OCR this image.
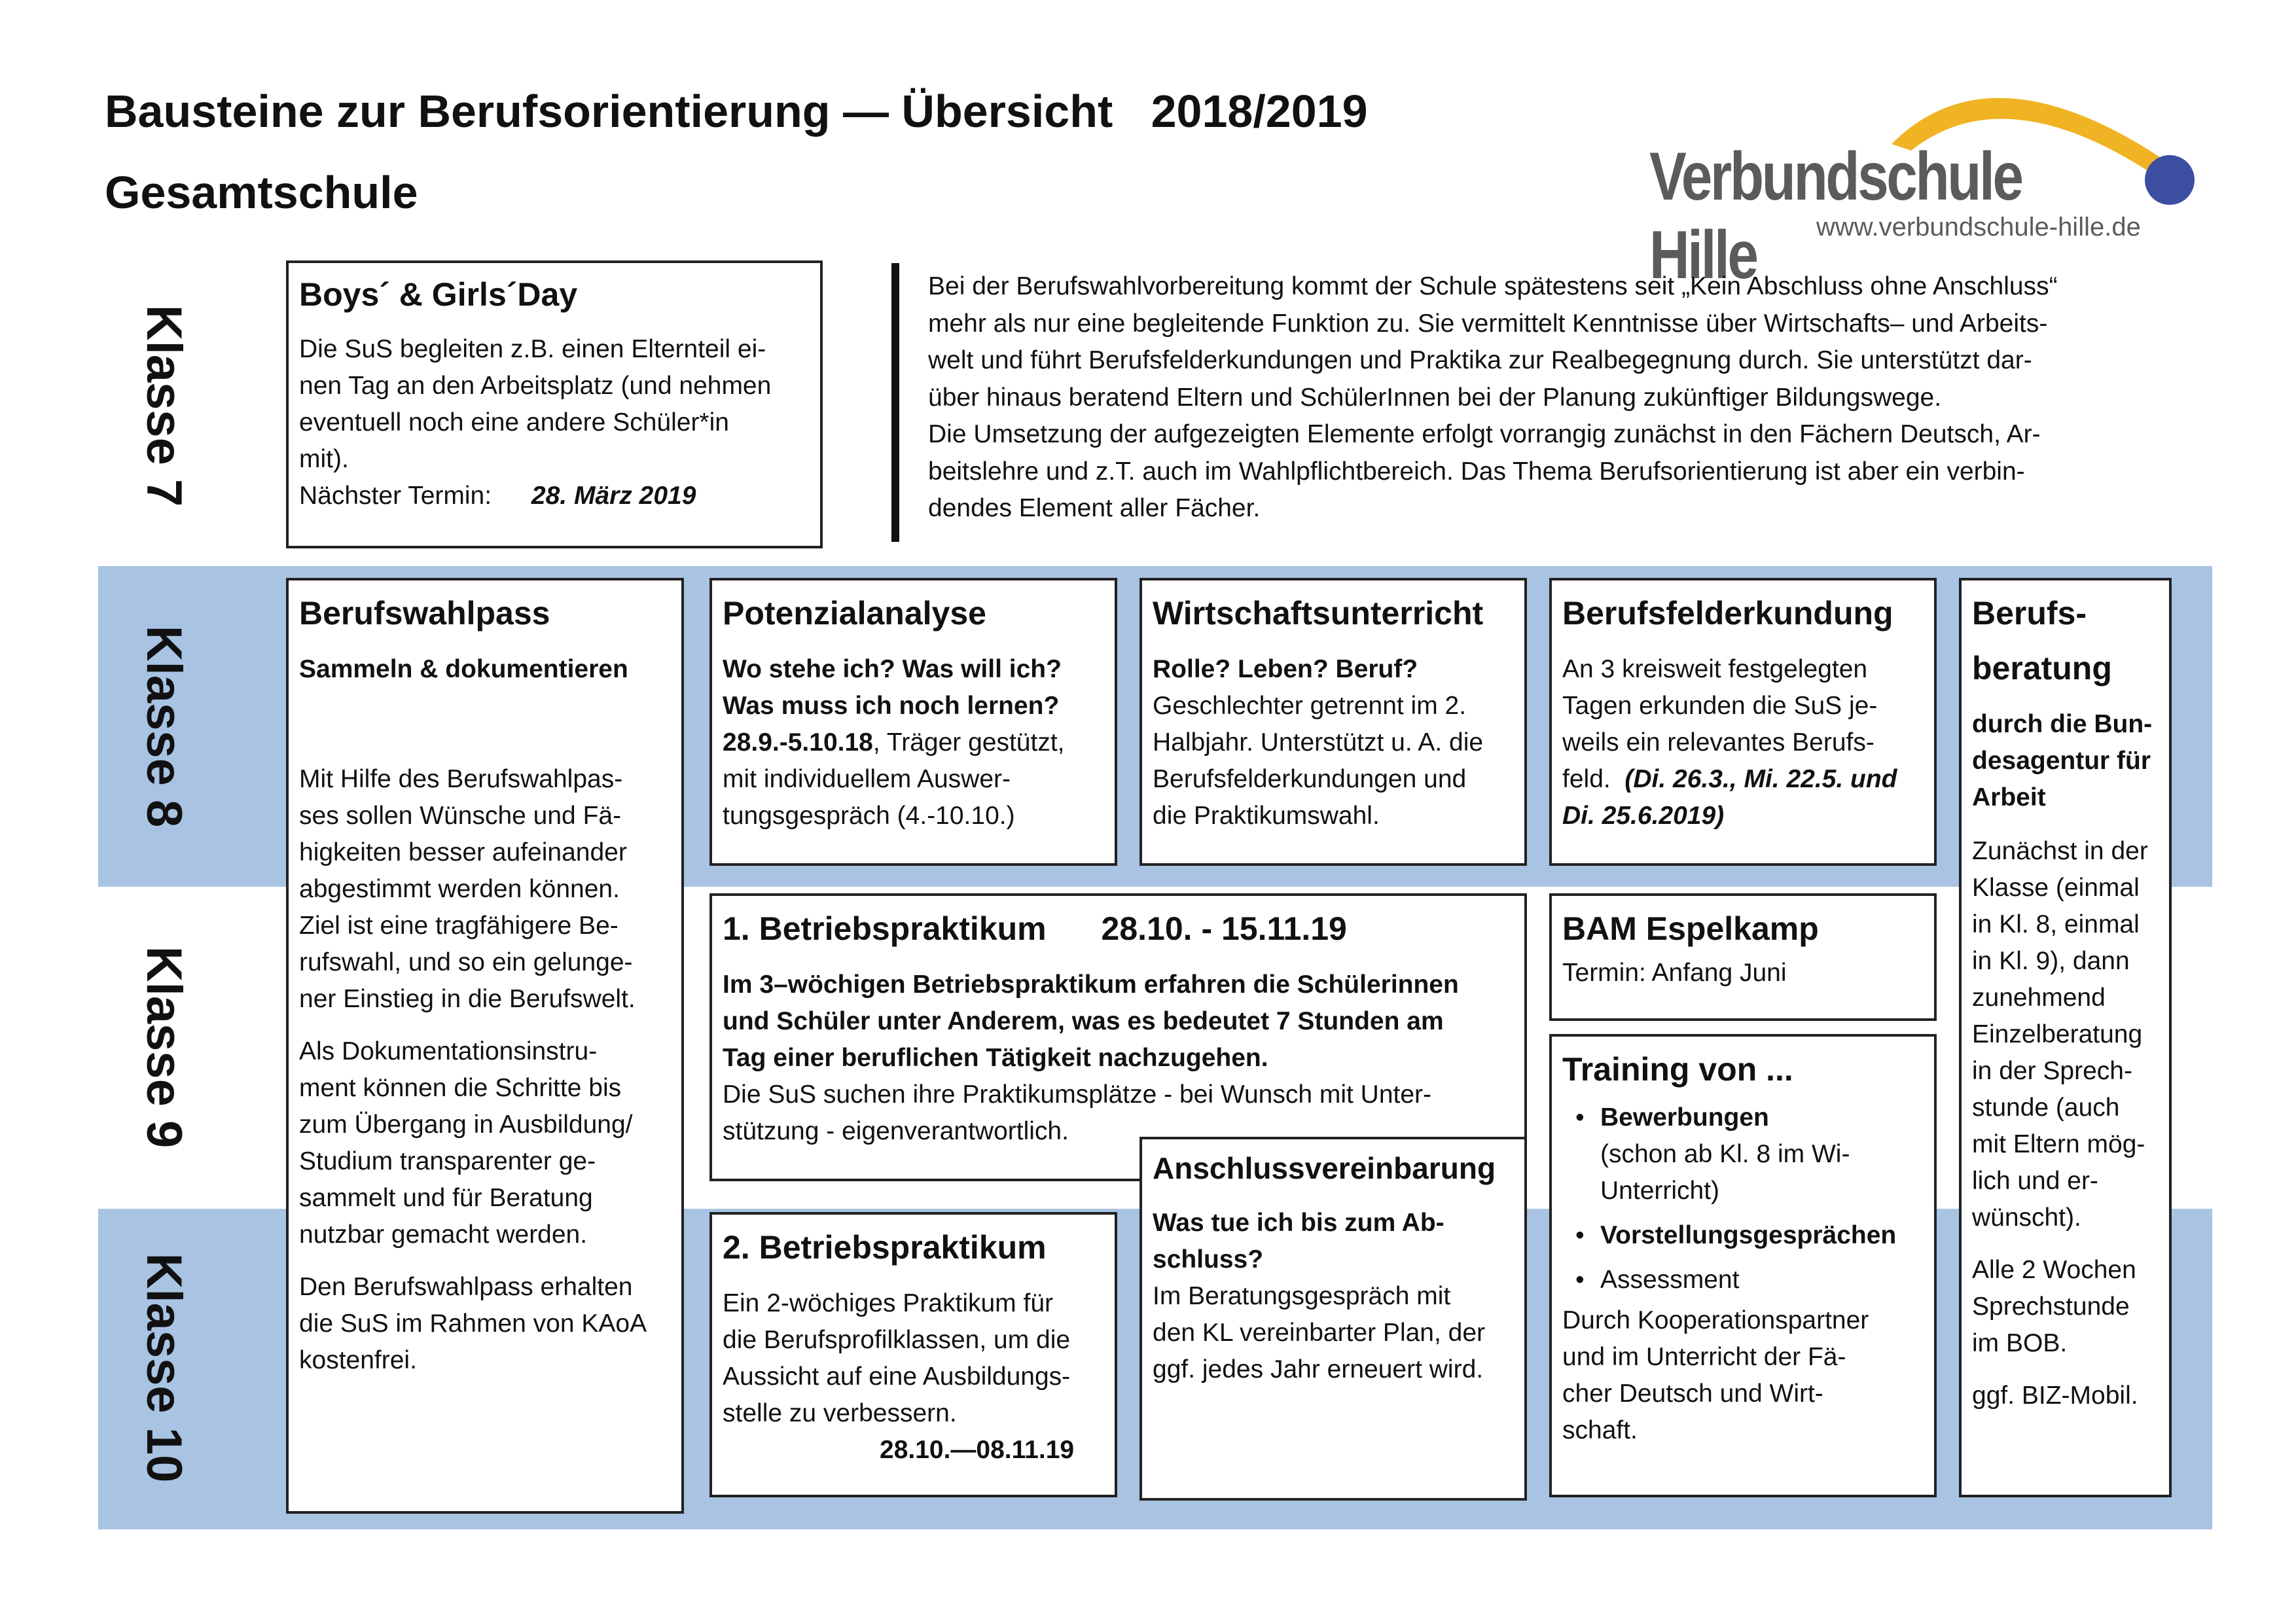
Bausteine zur Berufsorientierung — Übersicht   2018/2019
Gesamtschule	Verbundschule Hille	www.verbundschule-hille.de
Klasse 7
Klasse 8
Klasse 9
Klasse 10
Boys´ & Girls´Day

Die SuS begleiten z.B. einen Elternteil ei-

nen Tag an den Arbeitsplatz (und nehmen

eventuell noch eine andere Schüler*in

mit).

Nächster Termin: 28. März 2019

Bei der Berufswahlvorbereitung kommt der Schule spätestens seit „Kein Abschluss ohne Anschluss“

mehr als nur eine begleitende Funktion zu. Sie vermittelt Kenntnisse über Wirtschafts– und Arbeits-

welt und führt Berufsfelderkundungen und Praktika zur Realbegegnung durch. Sie unterstützt dar-

über hinaus beratend Eltern und SchülerInnen bei der Planung zukünftiger Bildungswege.

Die Umsetzung der aufgezeigten Elemente erfolgt vorrangig zunächst in den Fächern Deutsch, Ar-

beitslehre und z.T. auch im Wahlpflichtbereich. Das Thema Berufsorientierung ist aber ein verbin-

dendes Element aller Fächer.

Berufswahlpass

Sammeln & dokumentieren

Mit Hilfe des Berufswahlpas-

ses sollen Wünsche und Fä-

higkeiten besser aufeinander

abgestimmt werden können.

Ziel ist eine tragfähigere Be-

rufswahl, und so ein gelunge-

ner Einstieg in die Berufswelt.

Als Dokumentationsinstru-

ment können die Schritte bis

zum Übergang in Ausbildung/

Studium transparenter ge-

sammelt und für Beratung

nutzbar gemacht werden.

Den Berufswahlpass erhalten

die SuS im Rahmen von KAoA

kostenfrei.

Potenzialanalyse

Wo stehe ich? Was will ich?

Was muss ich noch lernen?

28.9.-5.10.18, Träger gestützt,

mit individuellem Auswer-

tungsgespräch (4.-10.10.)

Wirtschaftsunterricht

Rolle? Leben? Beruf?

Geschlechter getrennt im 2.

Halbjahr. Unterstützt u. A. die

Berufsfelderkundungen und

die Praktikumswahl.

Berufsfelderkundung

An 3 kreisweit festgelegten

Tagen erkunden die SuS je-

weils ein relevantes Berufs-

feld.  (Di. 26.3., Mi. 22.5. und

Di. 25.6.2019)

Berufs-
beratung

durch die Bun-

desagentur für

Arbeit

Zunächst in der

Klasse (einmal

in Kl. 8, einmal

in Kl. 9), dann

zunehmend

Einzelberatung

in der Sprech-

stunde (auch

mit Eltern mög-

lich und er-

wünscht).

Alle 2 Wochen

Sprechstunde

im BOB.

ggf. BIZ-Mobil.

1. Betriebspraktikum 28.10. - 15.11.19

Im 3–wöchigen Betriebspraktikum erfahren die Schülerinnen

und Schüler unter Anderem, was es bedeutet 7 Stunden am

Tag einer beruflichen Tätigkeit nachzugehen.

Die SuS suchen ihre Praktikumsplätze - bei Wunsch mit Unter-

stützung - eigenverantwortlich.

BAM Espelkamp

Termin: Anfang Juni

Training von ...
• Bewerbungen
(schon ab Kl. 8 im Wi-
Unterricht)
• Vorstellungsgesprächen
• Assessment

Durch Kooperationspartner

und im Unterricht der Fä-

cher Deutsch und Wirt-

schaft.

2. Betriebspraktikum

Ein 2-wöchiges Praktikum für

die Berufsprofilklassen, um die

Aussicht auf eine Ausbildungs-

stelle zu verbessern.

28.10.—08.11.19

Anschlussvereinbarung

Was tue ich bis zum Ab-

schluss?

Im Beratungsgespräch mit

den KL vereinbarter Plan, der

ggf. jedes Jahr erneuert wird.
